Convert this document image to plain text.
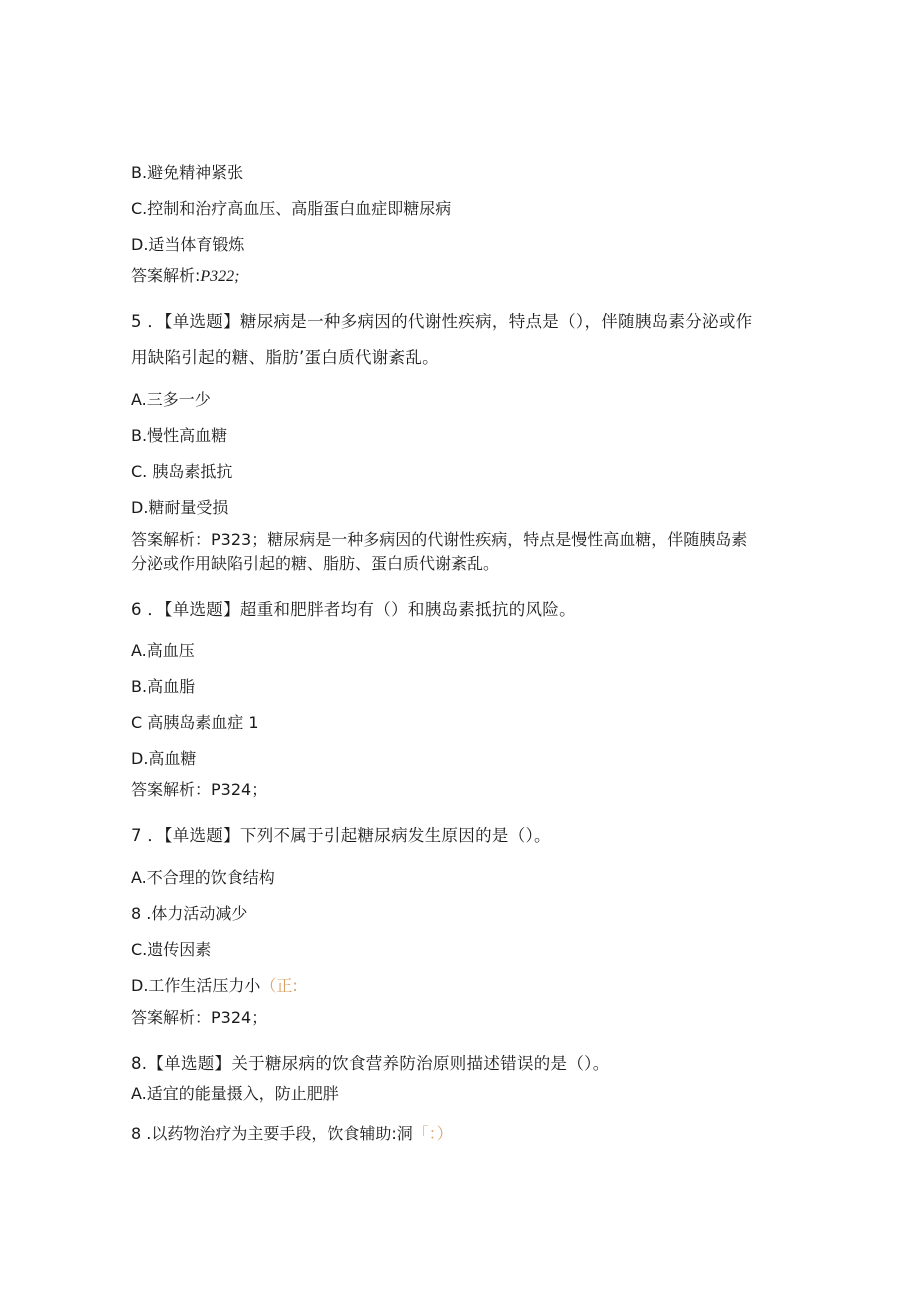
B.避免精神紧张
C.控制和治疗高血压、高脂蛋白血症即糖尿病
D.适当体育锻炼
答案解析:P322;
5 ．【单选题】糖尿病是一种多病因的代谢性疾病，特点是（），伴随胰岛素分泌或作
用缺陷引起的糖、脂肪’蛋白质代谢紊乱。
A.三多一少
B.慢性高血糖
C. 胰岛素抵抗
D.糖耐量受损
答案解析：P323；糖尿病是一种多病因的代谢性疾病，特点是慢性高血糖，伴随胰岛素
分泌或作用缺陷引起的糖、脂肪、蛋白质代谢紊乱。
6 ．【单选题】超重和肥胖者均有（）和胰岛素抵抗的风险。
A.高血压
B.高血脂
C 高胰岛素血症 1
D.高血糖
答案解析：P324；
7 ．【单选题】下列不属于引起糖尿病发生原因的是（）。
A.不合理的饮食结构
8 .体力活动减少
C.遗传因素
D.工作生活压力小（正:
答案解析：P324；
8.【单选题】关于糖尿病的饮食营养防治原则描述错误的是（）。
A.适宜的能量摄入，防止肥胖
8 .以药物治疗为主要手段，饮食辅助:洞「：）
